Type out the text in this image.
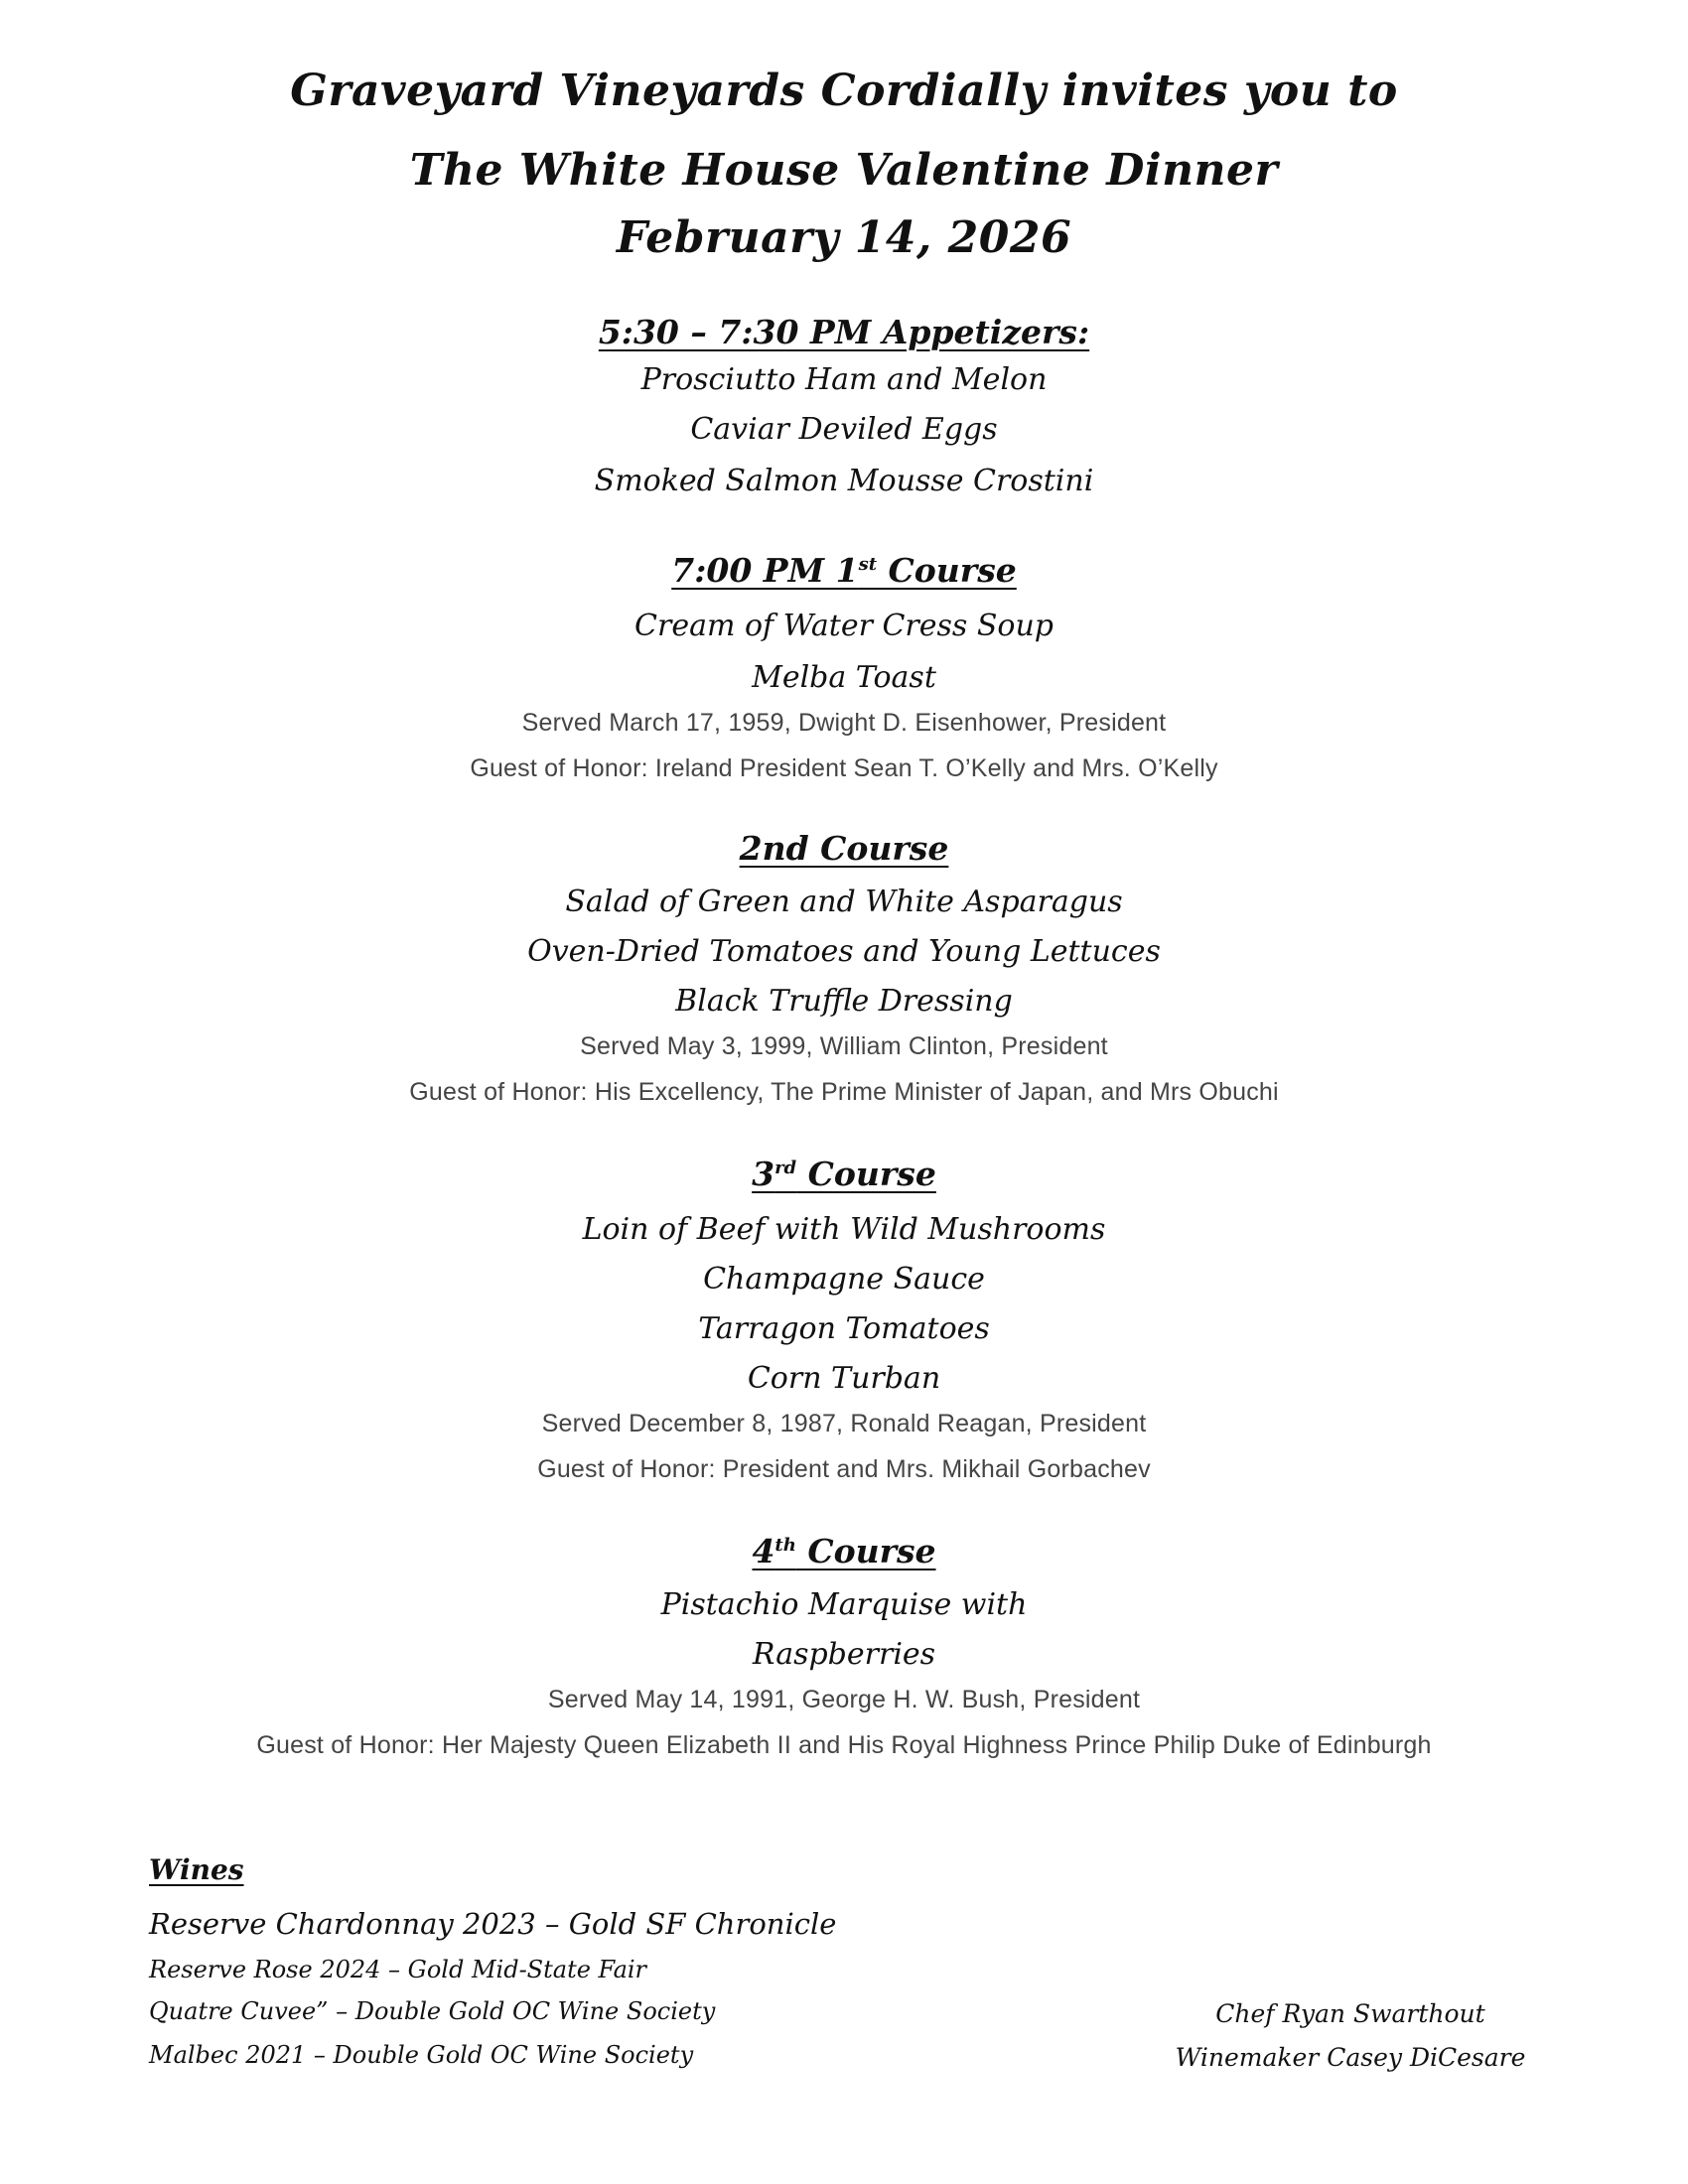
Graveyard Vineyards Cordially invites you to
The White House Valentine Dinner
February 14, 2026
5:30 – 7:30 PM Appetizers:
Prosciutto Ham and Melon
Caviar Deviled Eggs
Smoked Salmon Mousse Crostini
7:00 PM 1st Course
Cream of Water Cress Soup
Melba Toast
Served March 17, 1959, Dwight D. Eisenhower, President
Guest of Honor: Ireland President Sean T. O’Kelly and Mrs. O’Kelly
2nd Course
Salad of Green and White Asparagus
Oven-Dried Tomatoes and Young Lettuces
Black Truffle Dressing
Served May 3, 1999, William Clinton, President
Guest of Honor: His Excellency, The Prime Minister of Japan, and Mrs Obuchi
3rd Course
Loin of Beef with Wild Mushrooms
Champagne Sauce
Tarragon Tomatoes
Corn Turban
Served December 8, 1987, Ronald Reagan, President
Guest of Honor: President and Mrs. Mikhail Gorbachev
4th Course
Pistachio Marquise with
Raspberries
Served May 14, 1991, George H. W. Bush, President
Guest of Honor: Her Majesty Queen Elizabeth II and His Royal Highness Prince Philip Duke of Edinburgh
Wines
Reserve Chardonnay 2023 – Gold SF Chronicle
Reserve Rose 2024 – Gold Mid-State Fair
Quatre Cuvee” – Double Gold OC Wine Society
Malbec 2021 – Double Gold OC Wine Society
Chef Ryan Swarthout
Winemaker Casey DiCesare
